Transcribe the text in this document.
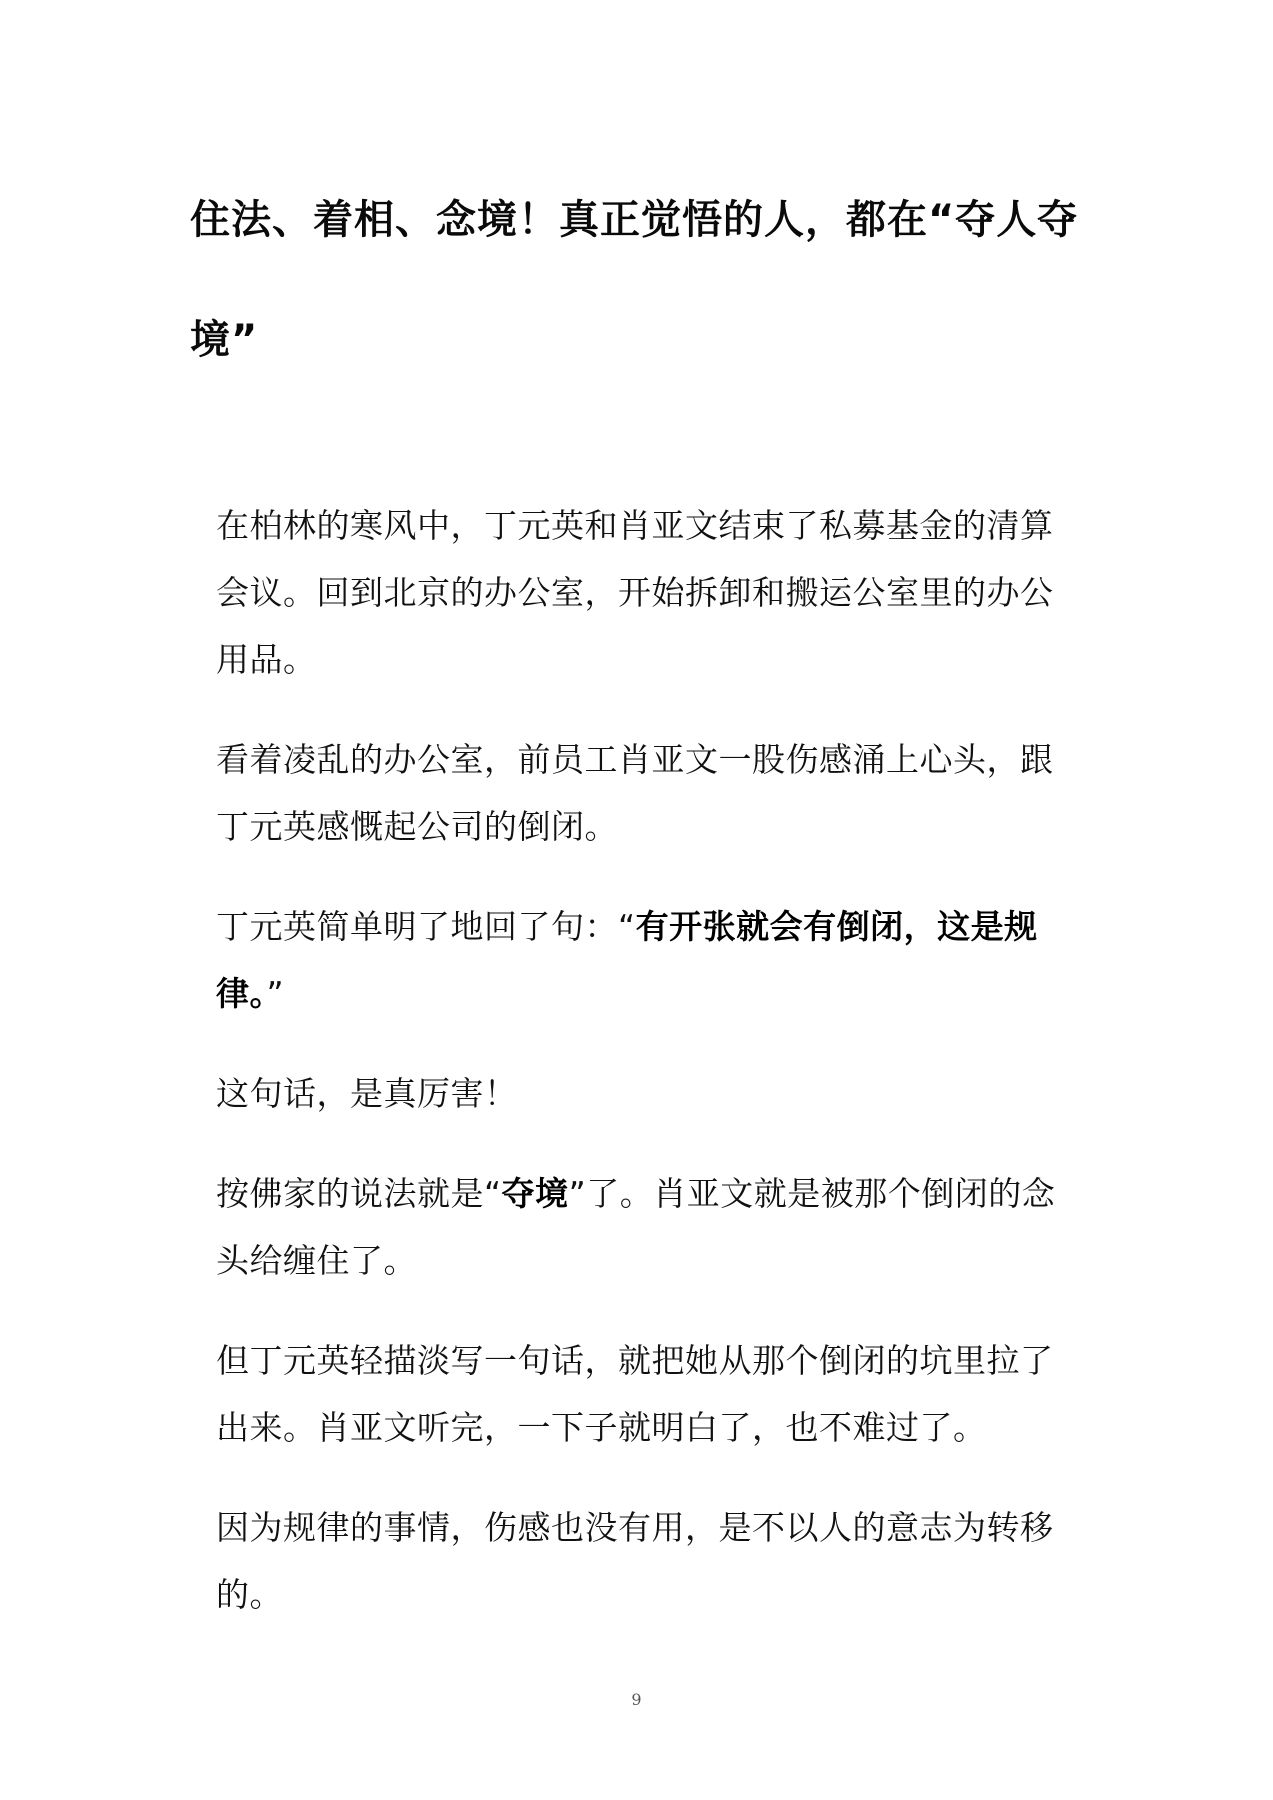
住法、着相、念境！真正觉悟的人，都在“夺人夺境”

在柏林的寒风中，丁元英和肖亚文结束了私募基金的清算会议。回到北京的办公室，开始拆卸和搬运公室里的办公用品。

看着凌乱的办公室，前员工肖亚文一股伤感涌上心头，跟丁元英感慨起公司的倒闭。

丁元英简单明了地回了句：“有开张就会有倒闭，这是规律。”

这句话，是真厉害！

按佛家的说法就是“夺境”了。肖亚文就是被那个倒闭的念头给缠住了。

但丁元英轻描淡写一句话，就把她从那个倒闭的坑里拉了出来。肖亚文听完，一下子就明白了，也不难过了。

因为规律的事情，伤感也没有用，是不以人的意志为转移的。

9
